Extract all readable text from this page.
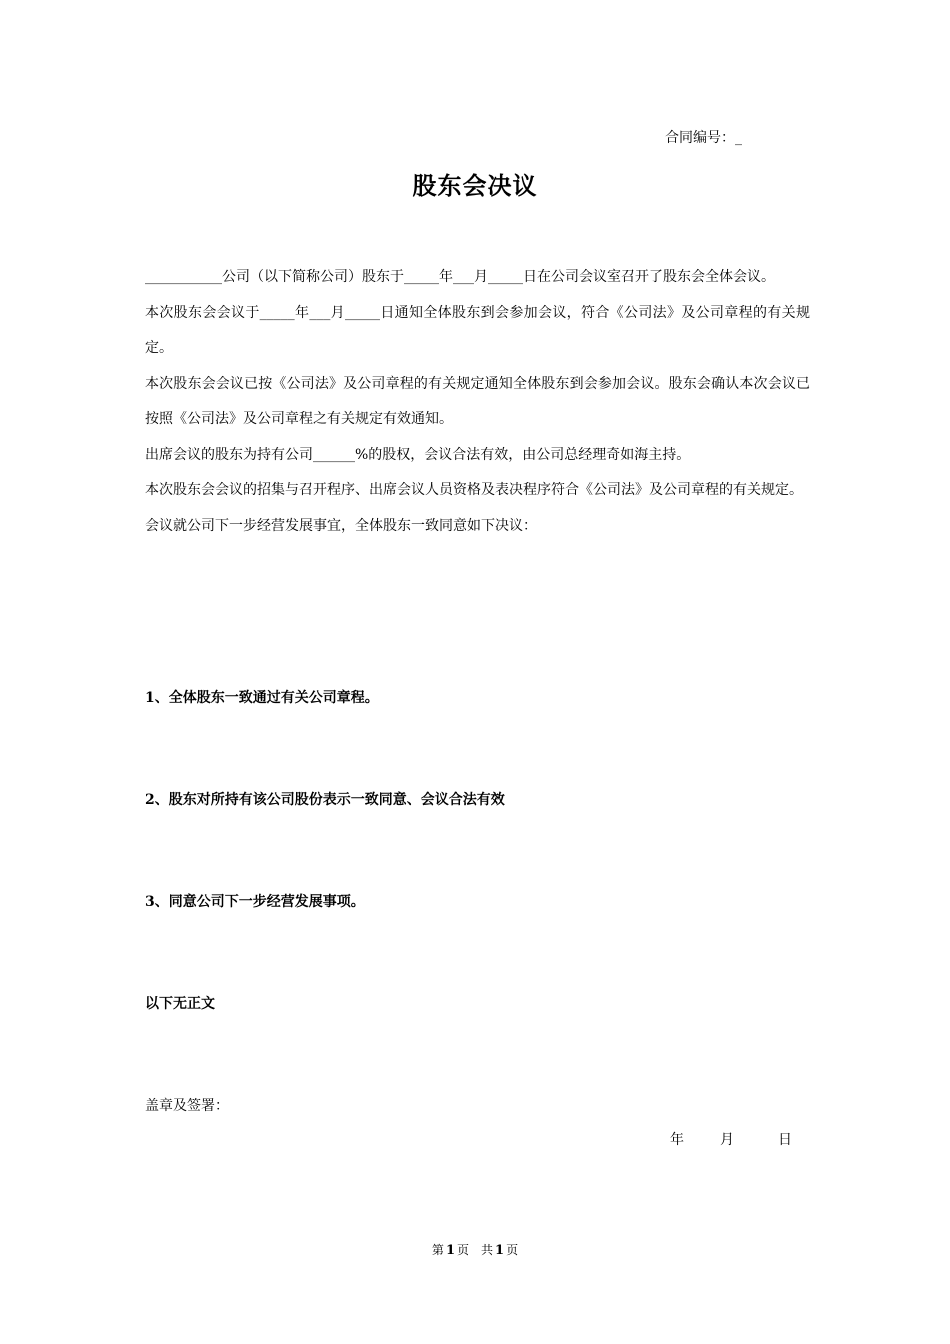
合同编号：_
股东会决议

___________公司（以下简称公司）股东于_____年___月_____日在公司会议室召开了股东会全体会议。

本次股东会会议于_____年___月_____日通知全体股东到会参加会议，符合《公司法》及公司章程的有关规定。

本次股东会会议已按《公司法》及公司章程的有关规定通知全体股东到会参加会议。股东会确认本次会议已按照《公司法》及公司章程之有关规定有效通知。

出席会议的股东为持有公司______%的股权，会议合法有效，由公司总经理奇如海主持。

本次股东会会议的招集与召开程序、出席会议人员资格及表决程序符合《公司法》及公司章程的有关规定。

会议就公司下一步经营发展事宜，全体股东一致同意如下决议：

1、全体股东一致通过有关公司章程。
2、股东对所持有该公司股份表示一致同意、会议合法有效
3、同意公司下一步经营发展事项。
以下无正文
盖章及签署：
年	月	日
第 1 页 共 1 页
